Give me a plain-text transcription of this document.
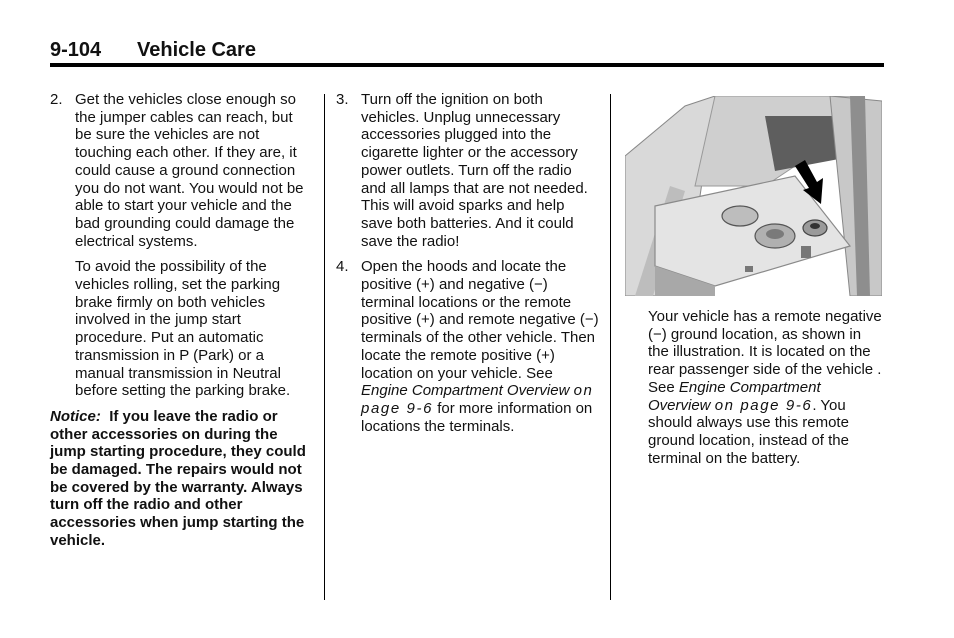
9-104 Vehicle Care
2. Get the vehicles close enough so the jumper cables can reach, but be sure the vehicles are not touching each other. If they are, it could cause a ground connection you do not want. You would not be able to start your vehicle and the bad grounding could damage the electrical systems.

To avoid the possibility of the vehicles rolling, set the parking brake firmly on both vehicles involved in the jump start procedure. Put an automatic transmission in P (Park) or a manual transmission in Neutral before setting the parking brake.

Notice: If you leave the radio or other accessories on during the jump starting procedure, they could be damaged. The repairs would not be covered by the warranty. Always turn off the radio and other accessories when jump starting the vehicle.

3. Turn off the ignition on both vehicles. Unplug unnecessary accessories plugged into the cigarette lighter or the accessory power outlets. Turn off the radio and all lamps that are not needed. This will avoid sparks and help save both batteries. And it could save the radio!

4. Open the hoods and locate the positive (+) and negative (−) terminal locations or the remote positive (+) and remote negative (−) terminals of the other vehicle. Then locate the remote positive (+) location on your vehicle. See Engine Compartment Overview on page 9-6 for more information on locations the terminals.

Your vehicle has a remote negative (−) ground location, as shown in the illustration. It is located on the rear passenger side of the vehicle . See Engine Compartment Overview on page 9-6. You should always use this remote ground location, instead of the terminal on the battery.
